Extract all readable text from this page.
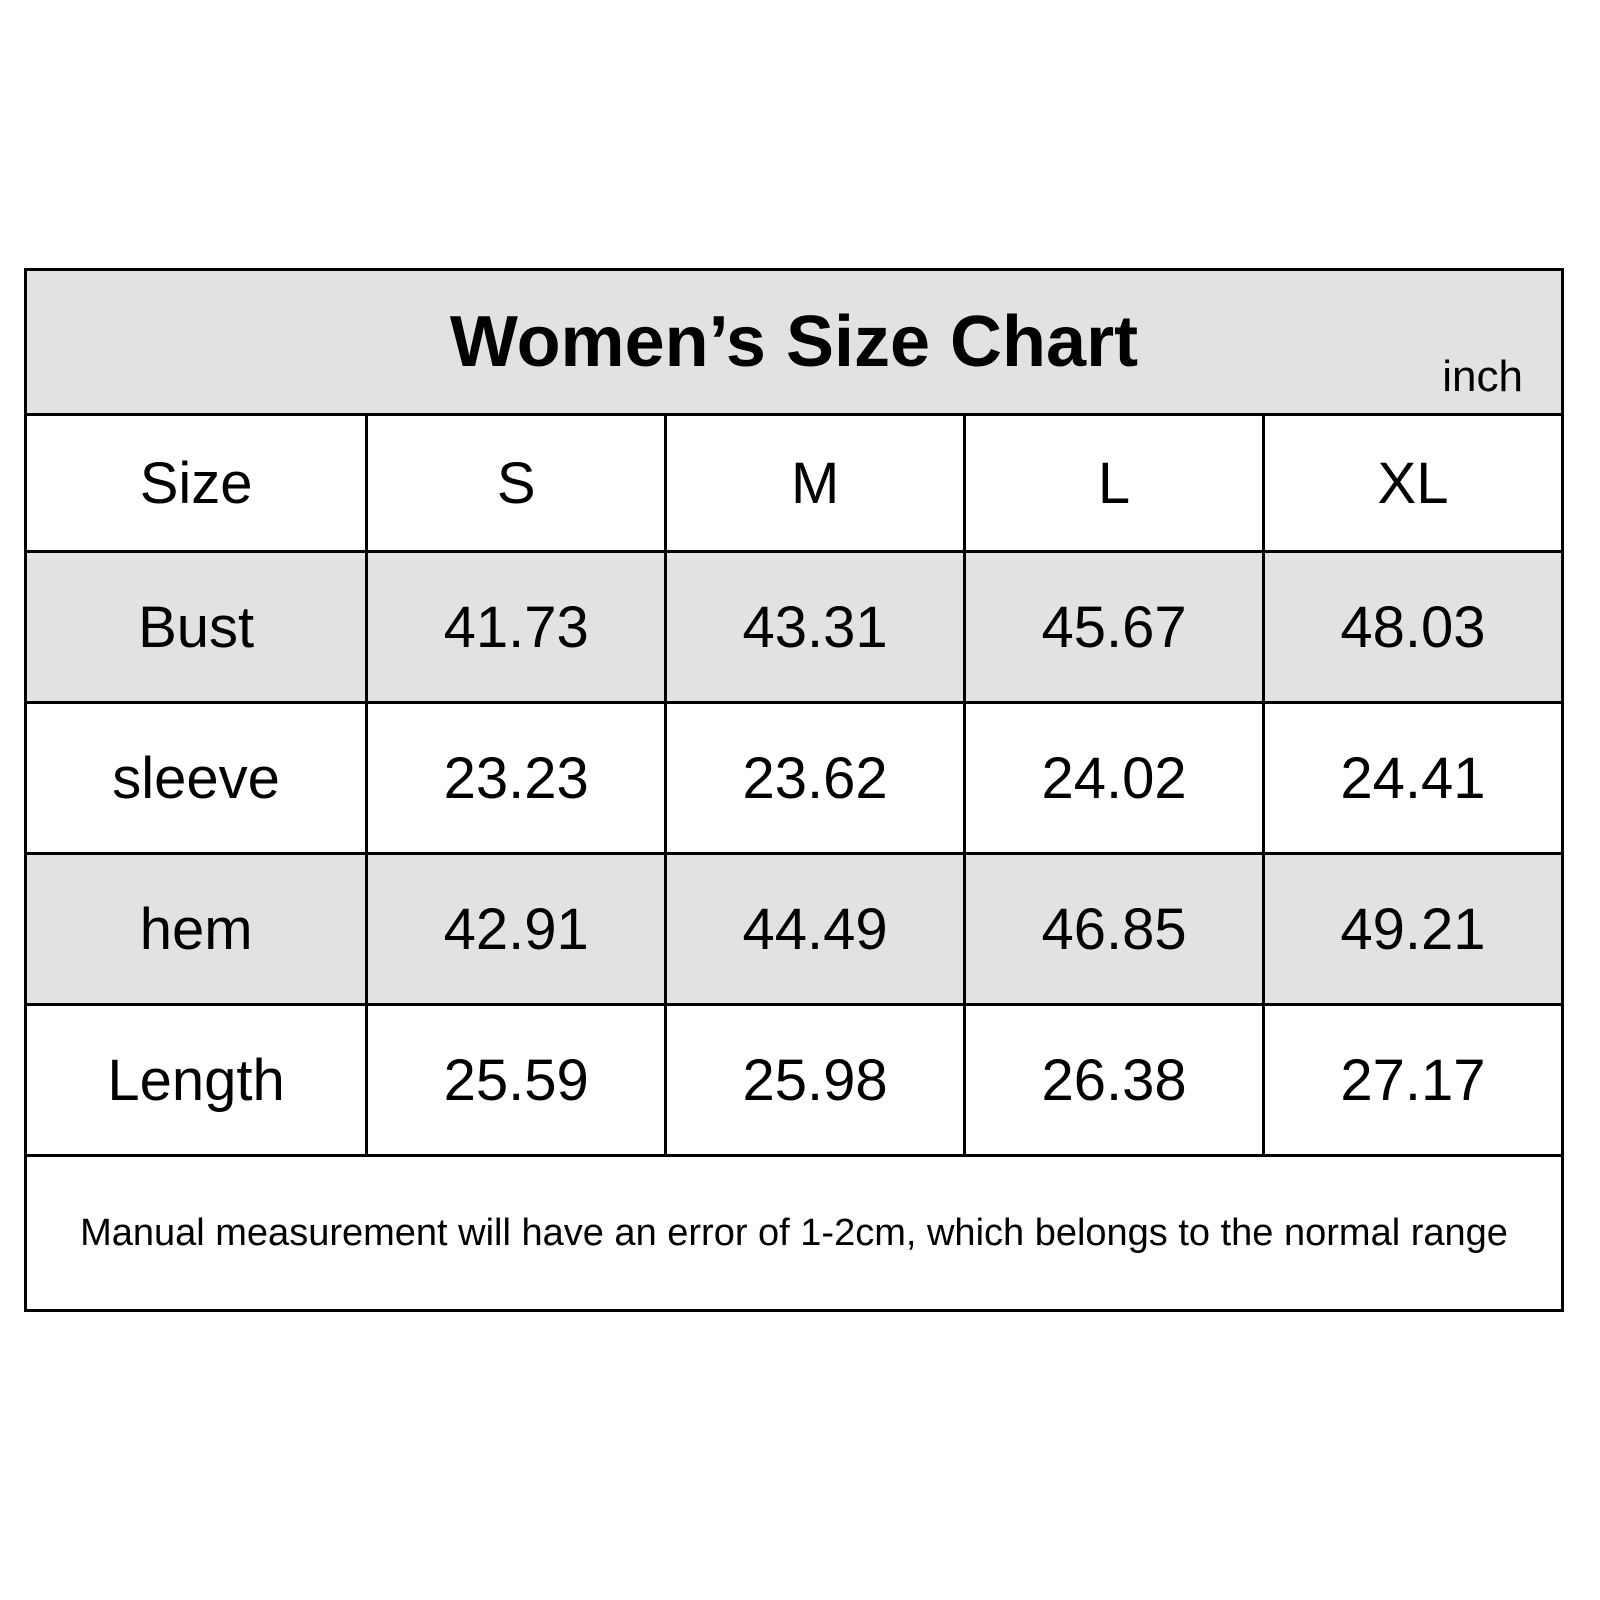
Women’s Size Chart inch				

Size	S	M	L	XL
Bust	41.73	43.31	45.67	48.03
sleeve	23.23	23.62	24.02	24.41
hem	42.91	44.49	46.85	49.21
Length	25.59	25.98	26.38	27.17
Manual measurement will have an error of 1-2cm, which belongs to the normal range				
